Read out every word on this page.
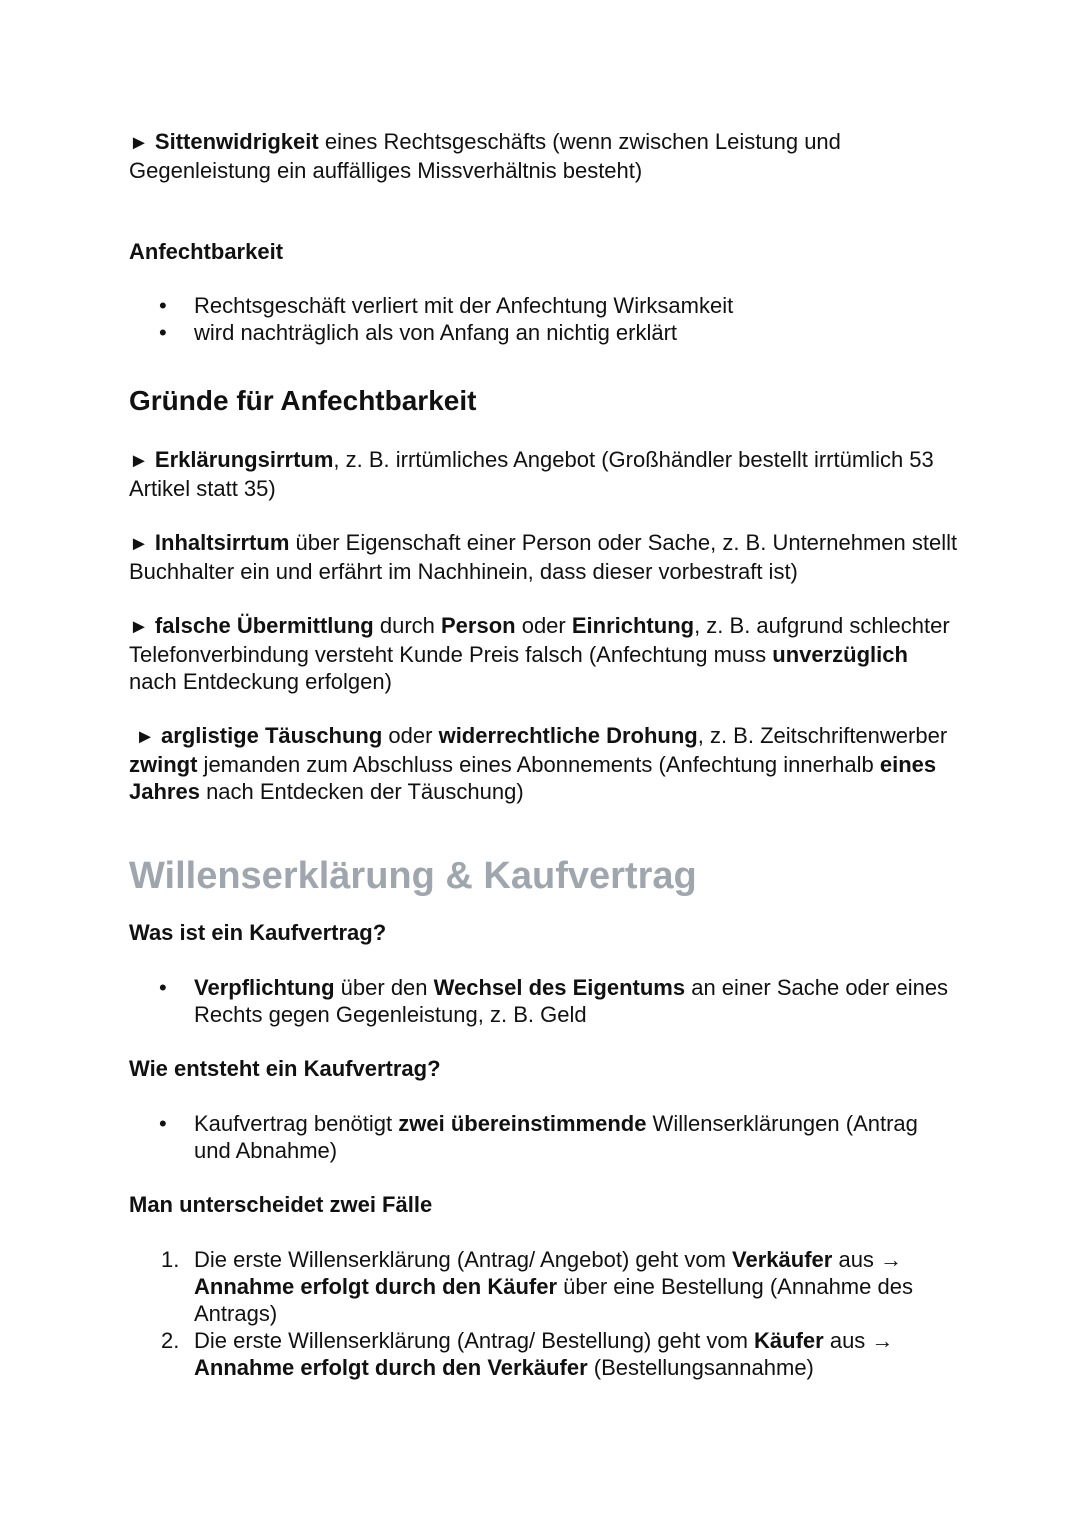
► Sittenwidrigkeit eines Rechtsgeschäfts (wenn zwischen Leistung und Gegenleistung ein auffälliges Missverhältnis besteht)

Anfechtbarkeit

• Rechtsgeschäft verliert mit der Anfechtung Wirksamkeit
• wird nachträglich als von Anfang an nichtig erklärt

Gründe für Anfechtbarkeit

► Erklärungsirrtum, z. B. irrtümliches Angebot (Großhändler bestellt irrtümlich 53 Artikel statt 35)

► Inhaltsirrtum über Eigenschaft einer Person oder Sache, z. B. Unternehmen stellt Buchhalter ein und erfährt im Nachhinein, dass dieser vorbestraft ist)

► falsche Übermittlung durch Person oder Einrichtung, z. B. aufgrund schlechter Telefonverbindung versteht Kunde Preis falsch (Anfechtung muss unverzüglich nach Entdeckung erfolgen)

► arglistige Täuschung oder widerrechtliche Drohung, z. B. Zeitschriftenwerber zwingt jemanden zum Abschluss eines Abonnements (Anfechtung innerhalb eines Jahres nach Entdecken der Täuschung)

Willenserklärung & Kaufvertrag

Was ist ein Kaufvertrag?

• Verpflichtung über den Wechsel des Eigentums an einer Sache oder eines Rechts gegen Gegenleistung, z. B. Geld

Wie entsteht ein Kaufvertrag?

• Kaufvertrag benötigt zwei übereinstimmende Willenserklärungen (Antrag und Abnahme)

Man unterscheidet zwei Fälle

1. Die erste Willenserklärung (Antrag/ Angebot) geht vom Verkäufer aus → Annahme erfolgt durch den Käufer über eine Bestellung (Annahme des Antrags)
2. Die erste Willenserklärung (Antrag/ Bestellung) geht vom Käufer aus → Annahme erfolgt durch den Verkäufer (Bestellungsannahme)
